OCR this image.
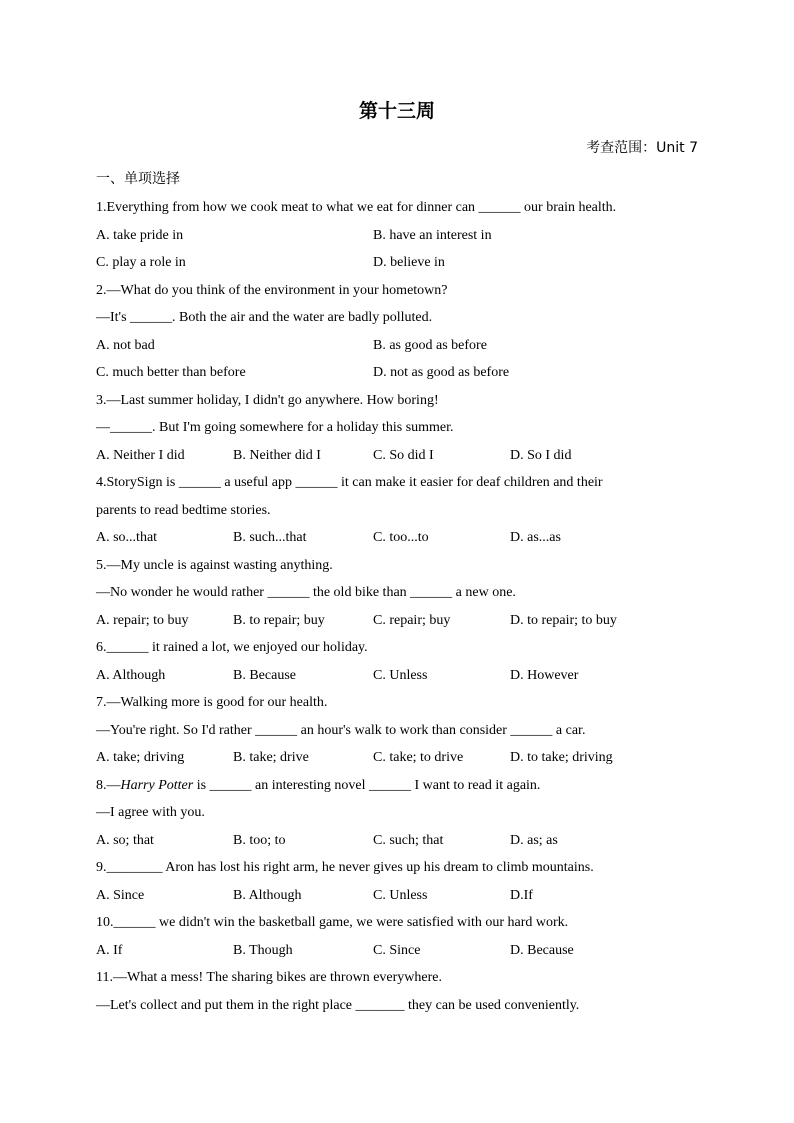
第十三周
考查范围：Unit 7
一、单项选择
1.Everything from how we cook meat to what we eat for dinner can ______ our brain health.
A. take pride in	B. have an interest in
C. play a role in	D. believe in
2.—What do you think of the environment in your hometown?
—It's ______. Both the air and the water are badly polluted.
A. not bad	B. as good as before
C. much better than before	D. not as good as before
3.—Last summer holiday, I didn't go anywhere. How boring!
—______. But I'm going somewhere for a holiday this summer.
A. Neither I did	B. Neither did I	C. So did I	D. So I did
4.StorySign is ______ a useful app ______ it can make it easier for deaf children and their
parents to read bedtime stories.
A. so...that	B. such...that	C. too...to	D. as...as
5.—My uncle is against wasting anything.
—No wonder he would rather ______ the old bike than ______ a new one.
A. repair; to buy	B. to repair; buy	C. repair; buy	D. to repair; to buy
6.______ it rained a lot, we enjoyed our holiday.
A. Although	B. Because	C. Unless	D. However
7.—Walking more is good for our health.
—You're right. So I'd rather ______ an hour's walk to work than consider ______ a car.
A. take; driving	B. take; drive	C. take; to drive	D. to take; driving
8.—Harry Potter is ______ an interesting novel ______ I want to read it again.
—I agree with you.
A. so; that	B. too; to	C. such; that	D. as; as
9.________ Aron has lost his right arm, he never gives up his dream to climb mountains.
A. Since	B. Although	C. Unless	D.If
10.______ we didn't win the basketball game, we were satisfied with our hard work.
A. If	B. Though	C. Since	D. Because
11.—What a mess! The sharing bikes are thrown everywhere.
—Let's collect and put them in the right place _______ they can be used conveniently.
